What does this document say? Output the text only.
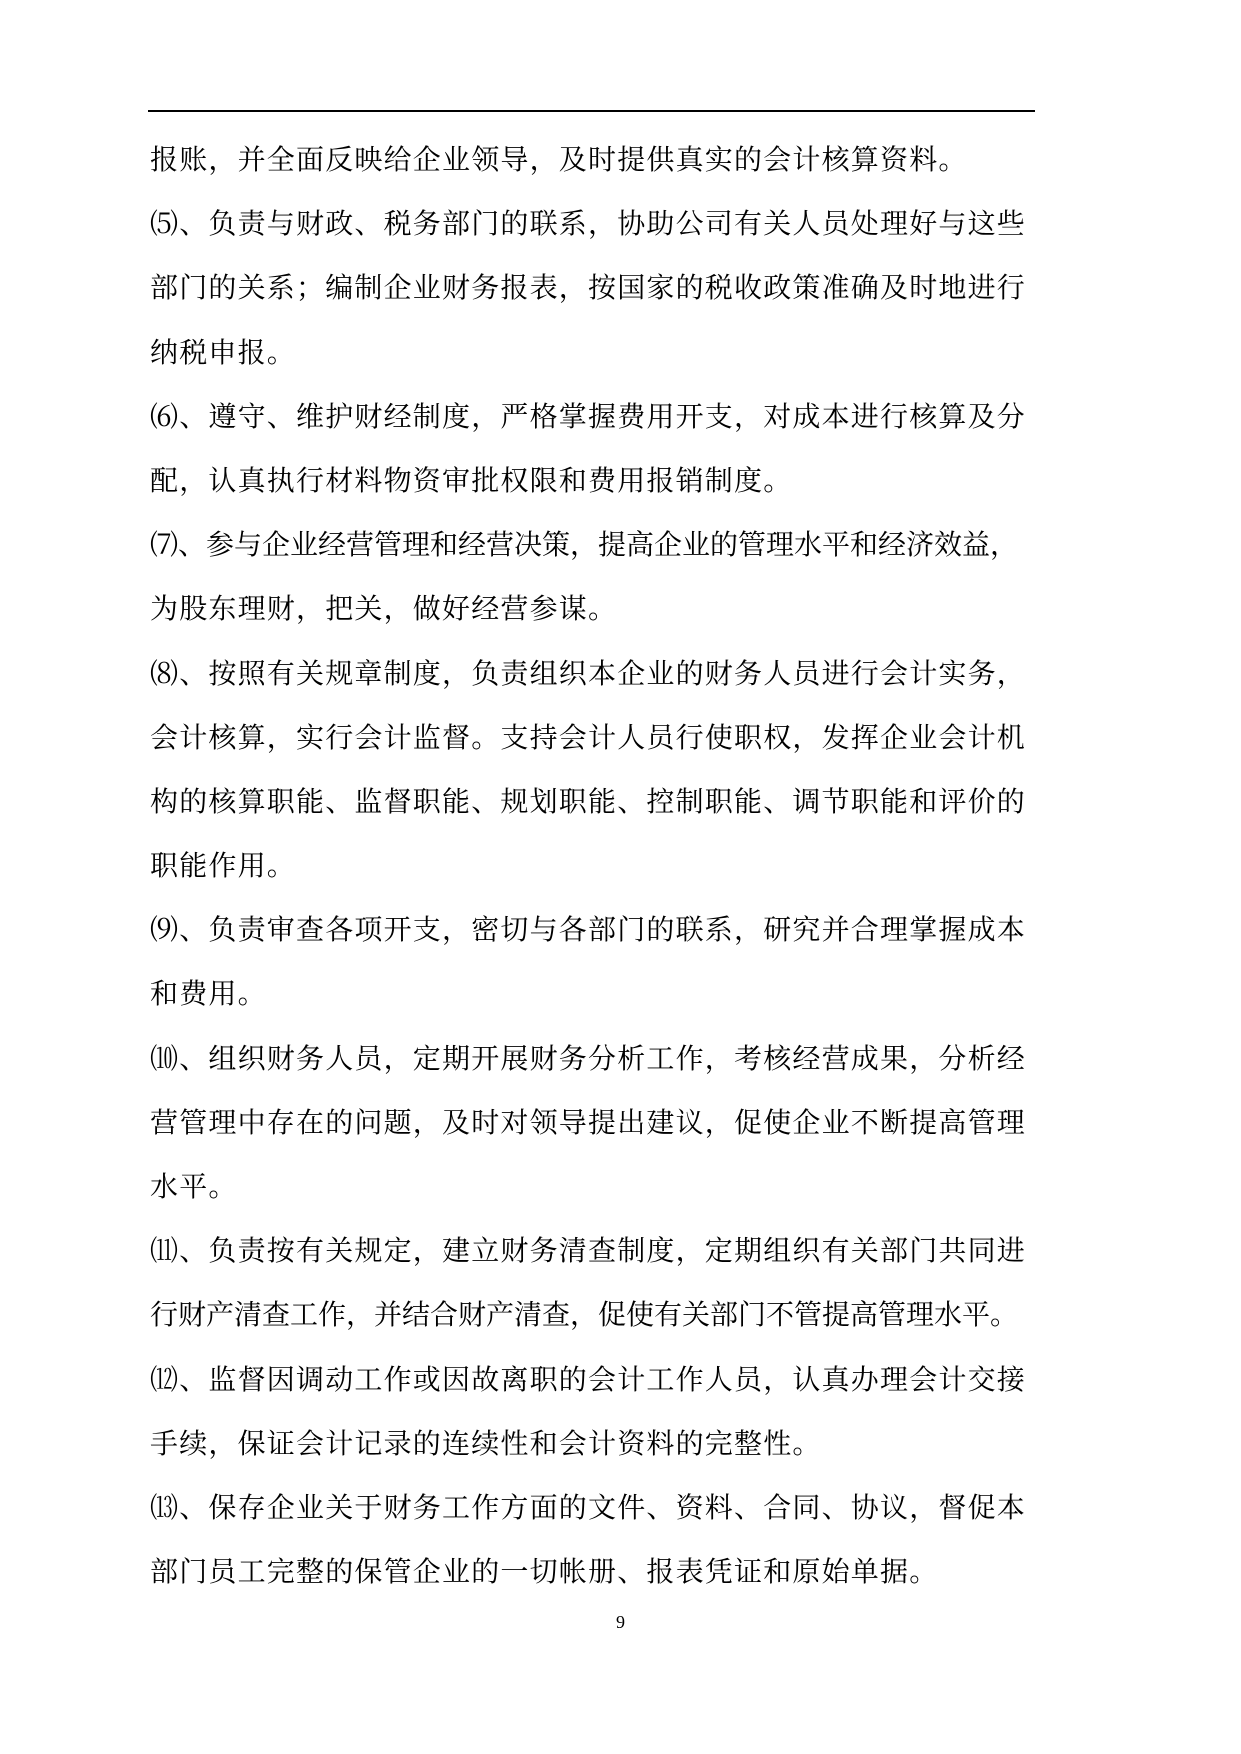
报账，并全面反映给企业领导，及时提供真实的会计核算资料。
⑸、负责与财政、税务部门的联系，协助公司有关人员处理好与这些
部门的关系；编制企业财务报表，按国家的税收政策准确及时地进行
纳税申报。
⑹、遵守、维护财经制度，严格掌握费用开支，对成本进行核算及分
配，认真执行材料物资审批权限和费用报销制度。
⑺、参与企业经营管理和经营决策，提高企业的管理水平和经济效益，
为股东理财，把关，做好经营参谋。
⑻、按照有关规章制度，负责组织本企业的财务人员进行会计实务，
会计核算，实行会计监督。支持会计人员行使职权，发挥企业会计机
构的核算职能、监督职能、规划职能、控制职能、调节职能和评价的
职能作用。
⑼、负责审查各项开支，密切与各部门的联系，研究并合理掌握成本
和费用。
⑽、组织财务人员，定期开展财务分析工作，考核经营成果，分析经
营管理中存在的问题，及时对领导提出建议，促使企业不断提高管理
水平。
⑾、负责按有关规定，建立财务清查制度，定期组织有关部门共同进
行财产清查工作，并结合财产清查，促使有关部门不管提高管理水平。
⑿、监督因调动工作或因故离职的会计工作人员，认真办理会计交接
手续，保证会计记录的连续性和会计资料的完整性。
⒀、保存企业关于财务工作方面的文件、资料、合同、协议，督促本
部门员工完整的保管企业的一切帐册、报表凭证和原始单据。
9
